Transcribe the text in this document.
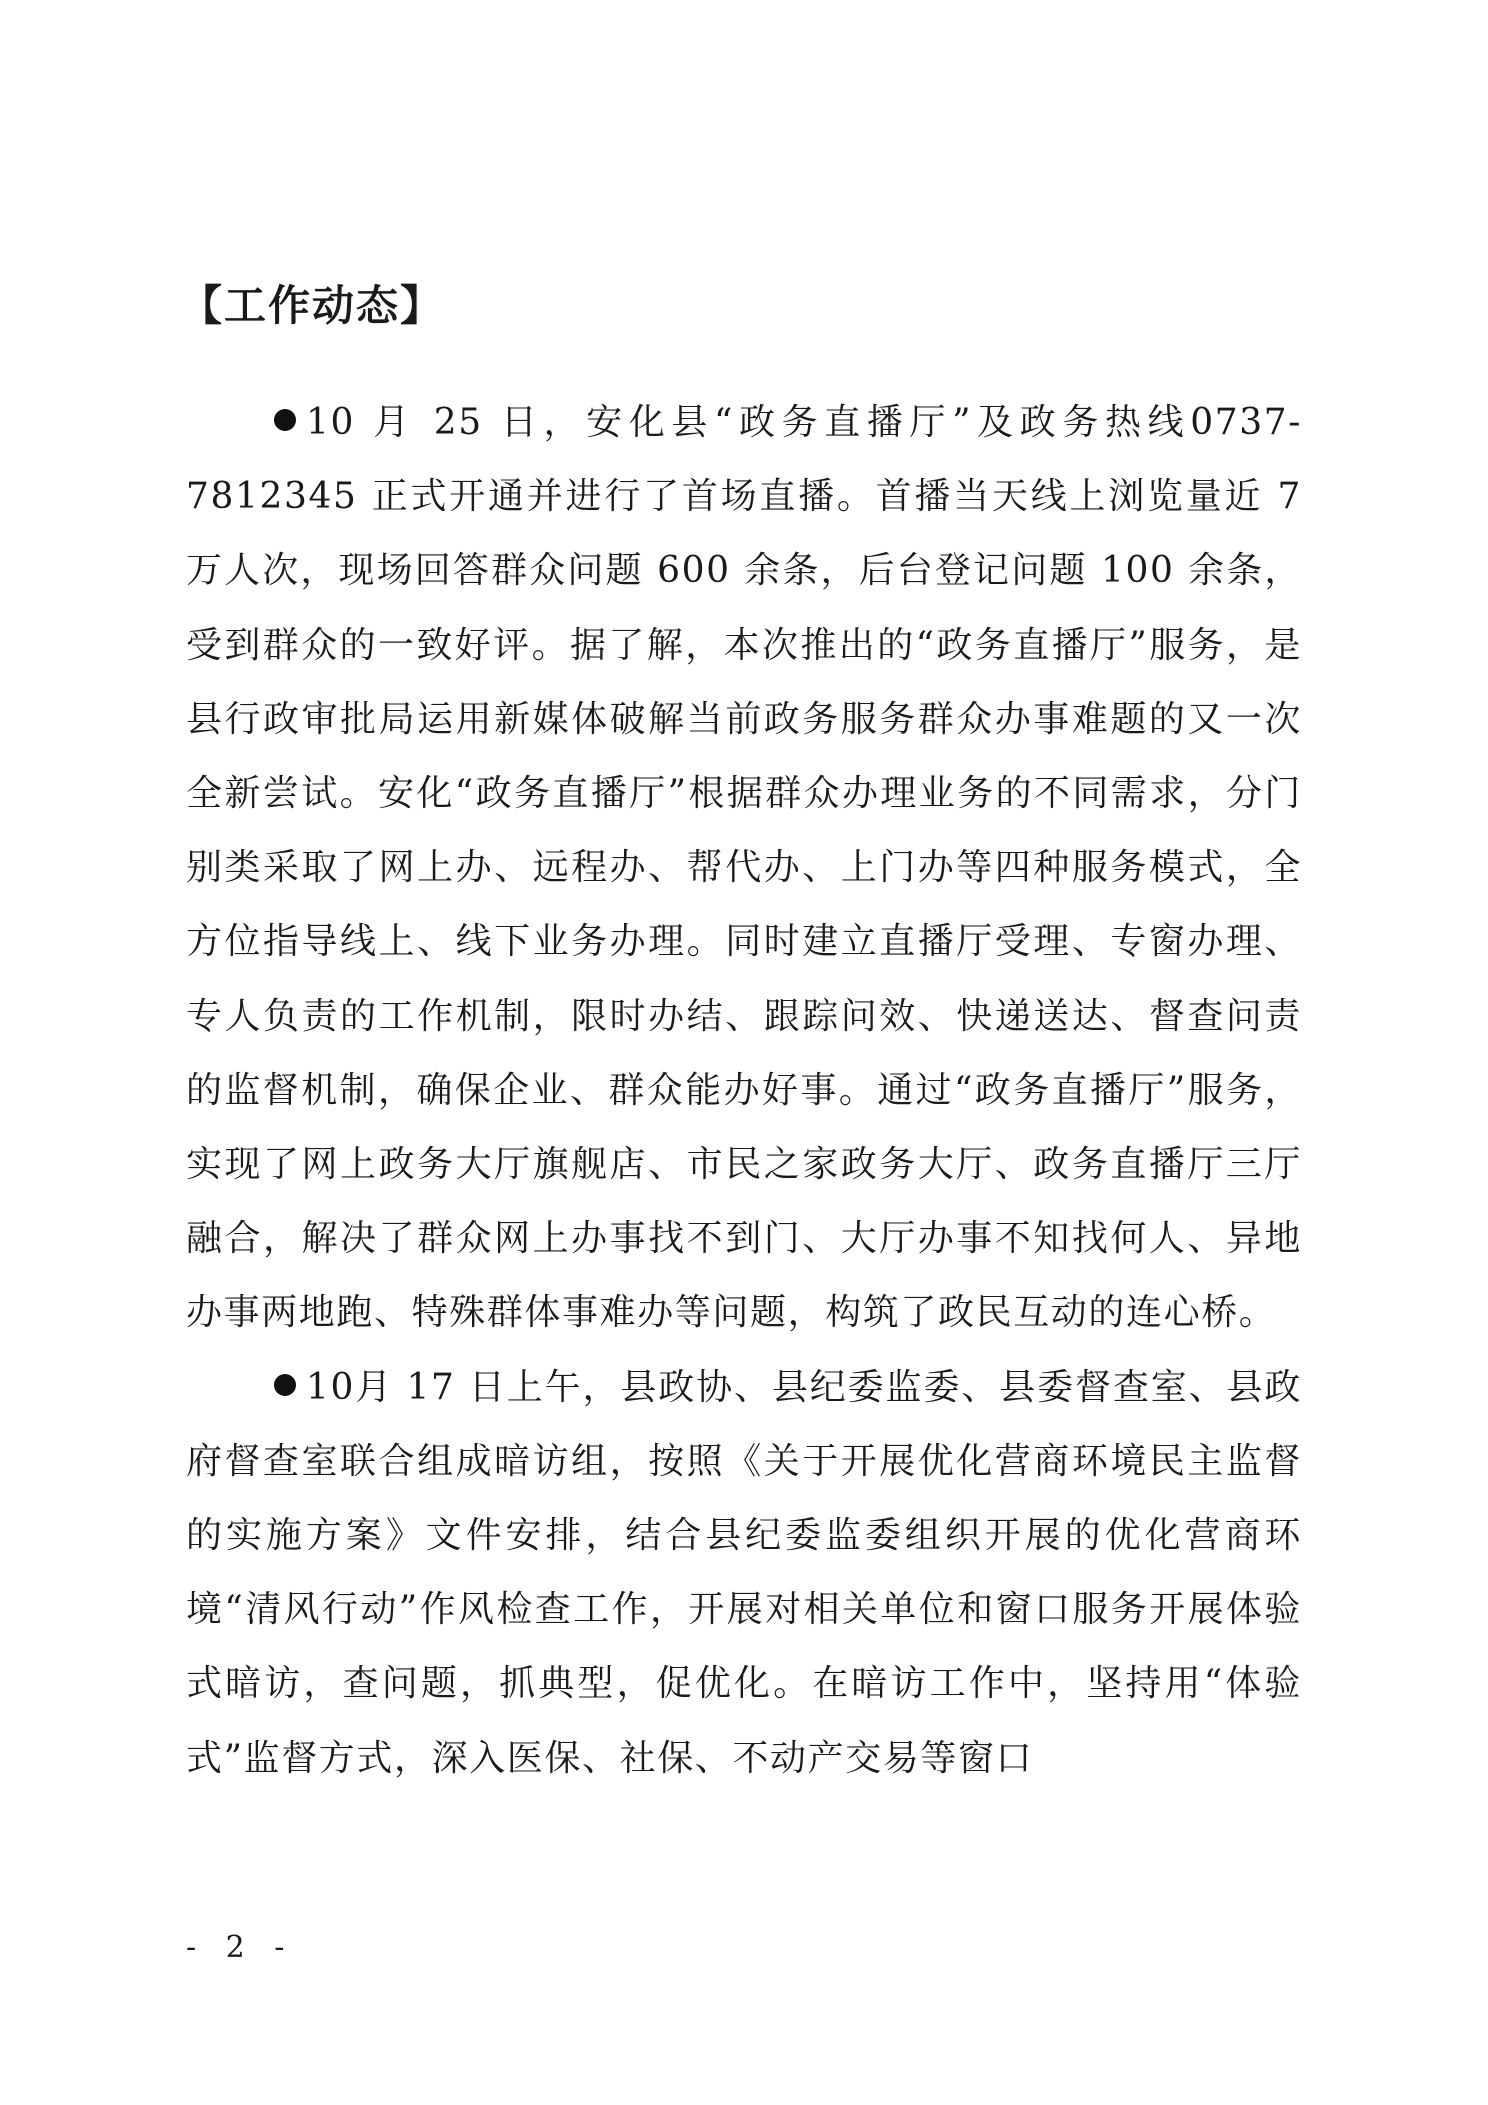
【工作动态】

10 月 25 日，安化县“政务直播厅”及政务热线0737-7812345 正式开通并进行了首场直播。首播当天线上浏览量近 7 万人次，现场回答群众问题 600 余条，后台登记问题 100 余条，受到群众的一致好评。据了解，本次推出的“政务直播厅”服务，是县行政审批局运用新媒体破解当前政务服务群众办事难题的又一次全新尝试。安化“政务直播厅”根据群众办理业务的不同需求，分门别类采取了网上办、远程办、帮代办、上门办等四种服务模式，全方位指导线上、线下业务办理。同时建立直播厅受理、专窗办理、专人负责的工作机制，限时办结、跟踪问效、快递送达、督查问责的监督机制，确保企业、群众能办好事。通过“政务直播厅”服务，实现了网上政务大厅旗舰店、市民之家政务大厅、政务直播厅三厅融合，解决了群众网上办事找不到门、大厅办事不知找何人、异地办事两地跑、特殊群体事难办等问题，构筑了政民互动的连心桥。

10月 17 日上午，县政协、县纪委监委、县委督查室、县政府督查室联合组成暗访组，按照《关于开展优化营商环境民主监督的实施方案》文件安排，结合县纪委监委组织开展的优化营商环境“清风行动”作风检查工作，开展对相关单位和窗口服务开展体验式暗访，查问题，抓典型，促优化。在暗访工作中，坚持用“体验式”监督方式，深入医保、社保、不动产交易等窗口

- 2 -
